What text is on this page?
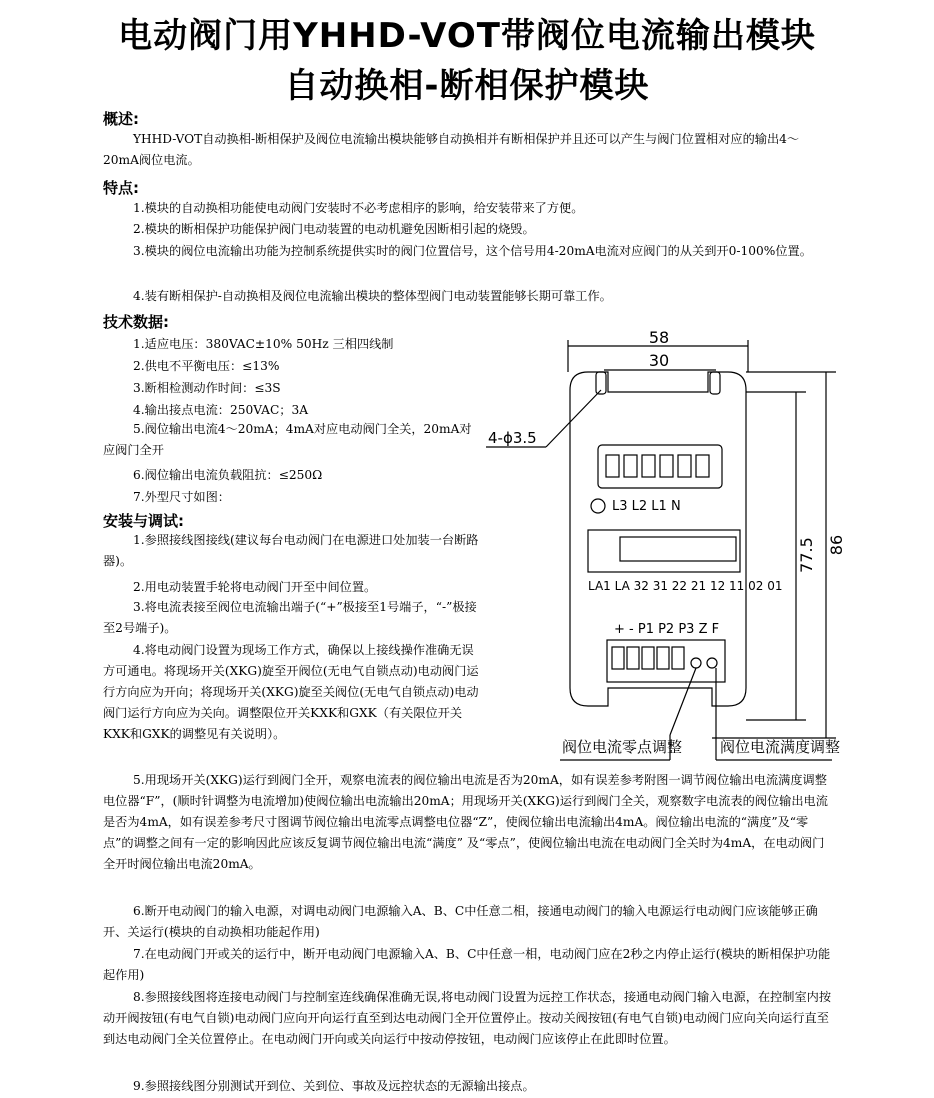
电动阀门用YHHD-VOT带阀位电流输出模块
自动换相-断相保护模块
概述:
YHHD-VOT自动换相-断相保护及阀位电流输出模块能够自动换相并有断相保护并且还可以产生与阀门位置相对应的输出4～20mA阀位电流。
特点:
1.模块的自动换相功能使电动阀门安装时不必考虑相序的影响，给安装带来了方便。
2.模块的断相保护功能保护阀门电动装置的电动机避免因断相引起的烧毁。
3.模块的阀位电流输出功能为控制系统提供实时的阀门位置信号，这个信号用4-20mA电流对应阀门的从关到开0-100%位置。
4.装有断相保护-自动换相及阀位电流输出模块的整体型阀门电动装置能够长期可靠工作。
技术数据:
1.适应电压：380VAC±10% 50Hz 三相四线制
2.供电不平衡电压：≤13%
3.断相检测动作时间：≤3S
4.输出接点电流：250VAC；3A
5.阀位输出电流4～20mA；4mA对应电动阀门全关，20mA对应阀门全开
6.阀位输出电流负载阻抗：≤250Ω
7.外型尺寸如图：
安装与调试:
1.参照接线图接线(建议每台电动阀门在电源进口处加装一台断路器)。
2.用电动装置手轮将电动阀门开至中间位置。
3.将电流表接至阀位电流输出端子(“+”极接至1号端子，“-”极接至2号端子)。
4.将电动阀门设置为现场工作方式，确保以上接线操作准确无误方可通电。将现场开关(XKG)旋至开阀位(无电气自锁点动)电动阀门运行方向应为开向；将现场开关(XKG)旋至关阀位(无电气自锁点动)电动阀门运行方向应为关向。调整限位开关KXK和GXK（有关限位开关KXK和GXK的调整见有关说明）。
5.用现场开关(XKG)运行到阀门全开，观察电流表的阀位输出电流是否为20mA，如有误差参考附图一调节阀位输出电流满度调整电位器“F”，(顺时针调整为电流增加)使阀位输出电流输出20mA；用现场开关(XKG)运行到阀门全关，观察数字电流表的阀位输出电流是否为4mA，如有误差参考尺寸图调节阀位输出电流零点调整电位器“Z”，使阀位输出电流输出4mA。阀位输出电流的“满度”及“零点”的调整之间有一定的影响因此应该反复调节阀位输出电流“满度” 及“零点”，使阀位输出电流在电动阀门全关时为4mA，在电动阀门全开时阀位输出电流20mA。
6.断开电动阀门的输入电源，对调电动阀门电源输入A、B、C中任意二相，接通电动阀门的输入电源运行电动阀门应该能够正确开、关运行(模块的自动换相功能起作用)
7.在电动阀门开或关的运行中，断开电动阀门电源输入A、B、C中任意一相，电动阀门应在2秒之内停止运行(模块的断相保护功能起作用)
8.参照接线图将连接电动阀门与控制室连线确保准确无误,将电动阀门设置为远控工作状态，接通电动阀门输入电源，在控制室内按动开阀按钮(有电气自锁)电动阀门应向开向运行直至到达电动阀门全开位置停止。按动关阀按钮(有电气自锁)电动阀门应向关向运行直至到达电动阀门全关位置停止。在电动阀门开向或关向运行中按动停按钮，电动阀门应该停止在此即时位置。
9.参照接线图分别测试开到位、关到位、事故及远控状态的无源输出接点。
58
30
77.5 86
4-ϕ3.5
L3 L2 L1 N
LA1 LA 32 31 22 21 12 11 02 01
+ - P1 P2 P3 Z F
阀位电流零点调整	阀位电流满度调整
